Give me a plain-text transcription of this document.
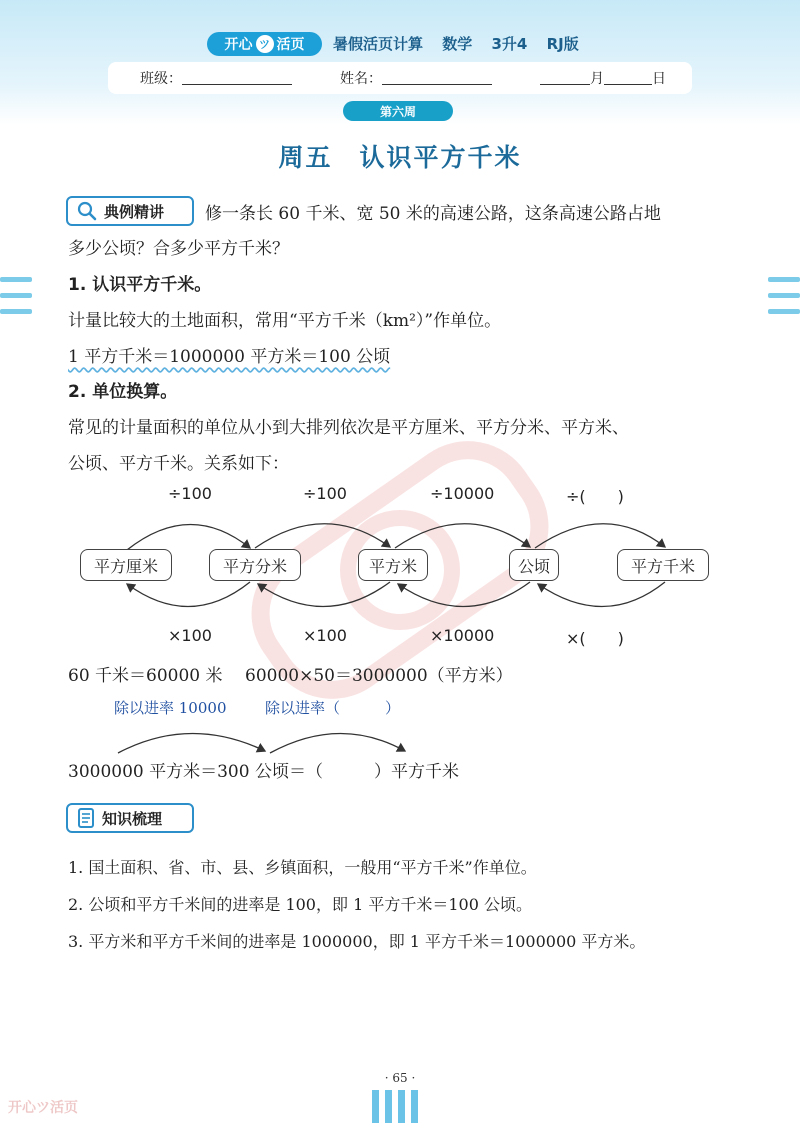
开心 ツ 活页 暑假活页计算 数学 3升4 RJ版
班级：	姓名：	月	日
第六周
周五　认识平方千米
典例精讲 修一条长 60 千米、宽 50 米的高速公路，这条高速公路占地
多少公顷？合多少平方千米？
1. 认识平方千米。
计量比较大的土地面积，常用“平方千米（km²）”作单位。
1 平方千米＝1000000 平方米＝100 公顷
2. 单位换算。
常见的计量面积的单位从小到大排列依次是平方厘米、平方分米、平方米、
公顷、平方千米。关系如下：
÷100	÷100	÷10000	÷(　　)
平方厘米	平方分米	平方米	公顷	平方千米
×100	×100	×10000	×(　　)
60 千米＝60000 米 60000×50＝3000000（平方米）
除以进率 10000	除以进率（　　　）
3000000 平方米＝300 公顷＝（　　　）平方千米
知识梳理
1. 国土面积、省、市、县、乡镇面积，一般用“平方千米”作单位。
2. 公顷和平方千米间的进率是 100，即 1 平方千米＝100 公顷。
3. 平方米和平方千米间的进率是 1000000，即 1 平方千米＝1000000 平方米。
· 65 ·
开心ツ活页
